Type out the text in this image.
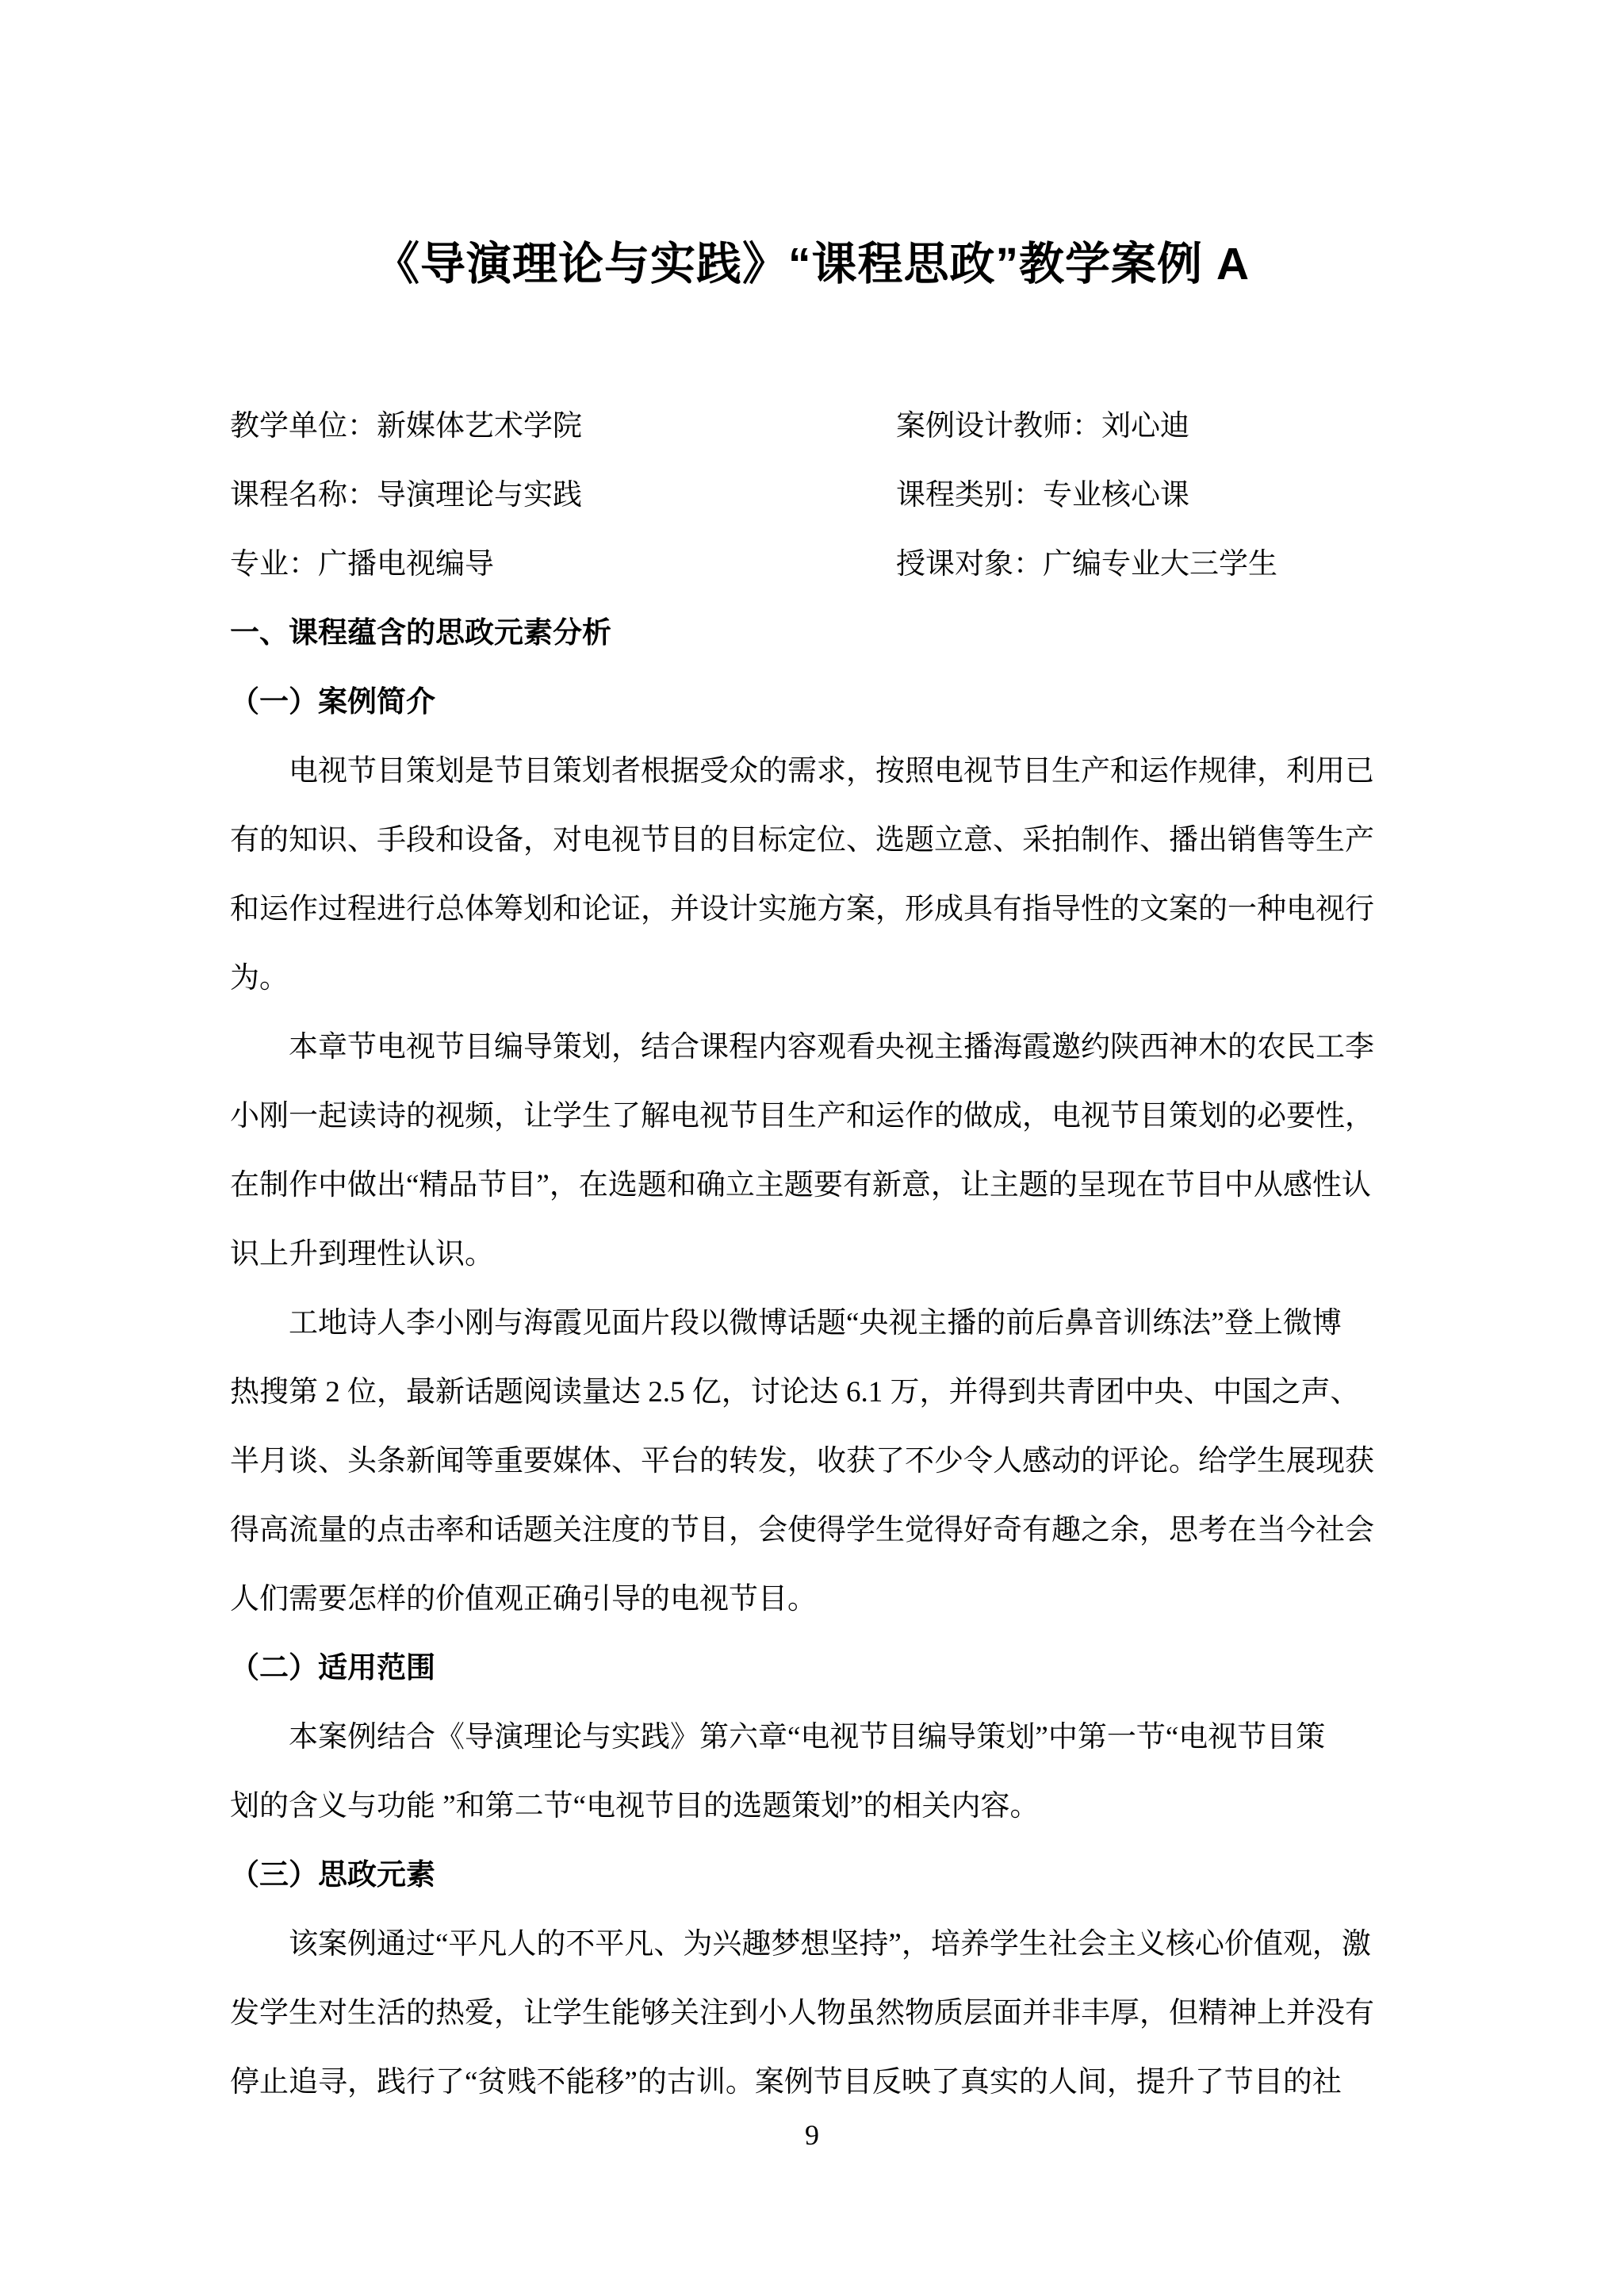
《导演理论与实践》“课程思政”教学案例 A
教学单位：新媒体艺术学院	案例设计教师：刘心迪
课程名称：导演理论与实践	课程类别：专业核心课
专业：广播电视编导	授课对象：广编专业大三学生
一、课程蕴含的思政元素分析
（一）案例简介
电视节目策划是节目策划者根据受众的需求，按照电视节目生产和运作规律，利用已
有的知识、手段和设备，对电视节目的目标定位、选题立意、采拍制作、播出销售等生产
和运作过程进行总体筹划和论证，并设计实施方案，形成具有指导性的文案的一种电视行
为。
本章节电视节目编导策划，结合课程内容观看央视主播海霞邀约陕西神木的农民工李
小刚一起读诗的视频，让学生了解电视节目生产和运作的做成，电视节目策划的必要性，
在制作中做出“精品节目”，在选题和确立主题要有新意，让主题的呈现在节目中从感性认
识上升到理性认识。
工地诗人李小刚与海霞见面片段以微博话题“央视主播的前后鼻音训练法”登上微博
热搜第 2 位，最新话题阅读量达 2.5 亿，讨论达 6.1 万，并得到共青团中央、中国之声、
半月谈、头条新闻等重要媒体、平台的转发，收获了不少令人感动的评论。给学生展现获
得高流量的点击率和话题关注度的节目，会使得学生觉得好奇有趣之余，思考在当今社会
人们需要怎样的价值观正确引导的电视节目。
（二）适用范围
本案例结合《导演理论与实践》第六章“电视节目编导策划”中第一节“电视节目策
划的含义与功能 ”和第二节“电视节目的选题策划”的相关内容。
（三）思政元素
该案例通过“平凡人的不平凡、为兴趣梦想坚持”，培养学生社会主义核心价值观，激
发学生对生活的热爱，让学生能够关注到小人物虽然物质层面并非丰厚，但精神上并没有
停止追寻，践行了“贫贱不能移”的古训。案例节目反映了真实的人间，提升了节目的社
9
